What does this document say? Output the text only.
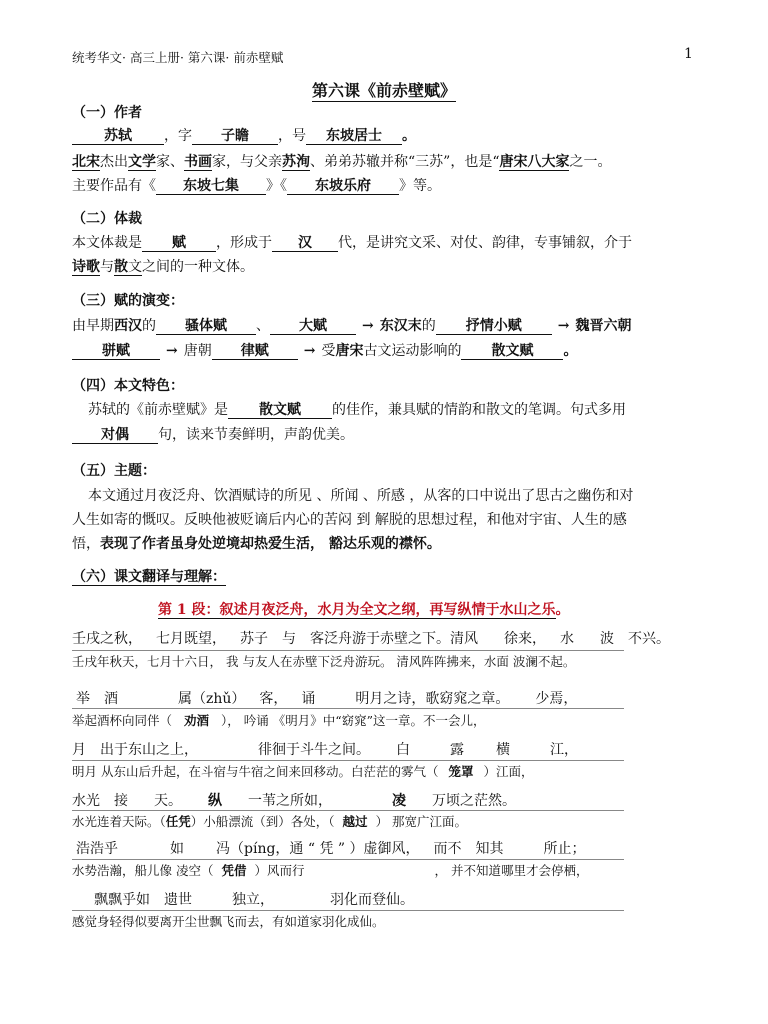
统考华文· 高三上册· 第六课· 前赤壁赋	1
第六课《前赤壁赋》
（一）作者
苏轼 ，字 子瞻 ，号 东坡居士 。
北宋杰出文学家、书画家，与父亲苏洵、弟弟苏辙并称“三苏”，也是“唐宋八大家之一。
主要作品有《 东坡七集 》《 东坡乐府 》等。
（二）体裁
本文体裁是 赋 ，形成于 汉 代，是讲究文采、对仗、韵律，专事铺叙，介于
诗歌与散文之间的一种文体。
（三）赋的演变：
由早期西汉的 骚体赋 、 大赋	→ 东汉末的 抒情小赋	→ 魏晋六朝
骈赋	→ 唐朝 律赋	→ 受唐宋古文运动影响的 散文赋 。
（四）本文特色：
苏轼的《前赤壁赋》是 散文赋 的佳作，兼具赋的情韵和散文的笔调。句式多用
对偶 句，读来节奏鲜明，声韵优美。
（五）主题：
本文通过月夜泛舟、饮酒赋诗的所见 、所闻 、所感 ，从客的口中说出了思古之幽伤和对
人生如寄的慨叹。反映他被贬谪后内心的苦闷 到 解脱的思想过程，和他对宇宙、人生的感
悟，表现了作者虽身处逆境却热爱生活， 豁达乐观的襟怀。
（六）课文翻译与理解：
第 1 段：叙述月夜泛舟，水月为全文之纲，再写纵情于水山之乐。
壬戌之秋， 七月既望， 苏子 与 客泛舟游于赤壁之下。清风 徐来， 水 波 不兴。
壬戌年秋天，七月十六日， 我 与友人在赤壁下泛舟游玩。 清风阵阵拂来，水面 波澜不起。
举 酒	属（zhǔ） 客， 诵	明月之诗，歌窈窕之章。 少焉，
举起酒杯向同伴（ 劝酒 ）， 吟诵 《明月》中“窈窕”这一章。不一会儿，
月 出于东山之上，	徘徊于斗牛之间。 白	露 横	江，
明月 从东山后升起，在斗宿与牛宿之间来回移动。白茫茫的雾气（ 笼罩 ）江面，
水光 接 天。 纵 一苇之所如，	凌 万顷之茫然。
水光连着天际。（任凭）小船漂流（到）各处，（ 越过 ） 那宽广江面。
浩浩乎	如 冯（píng，通 “ 凭 ” ）虚御风， 而不 知其	所止；
水势浩瀚，船儿像 凌空（ 凭借 ）风而行	， 并不知道哪里才会停栖，
飘飘乎如 遗世	独立，	羽化而登仙。
感觉身轻得似要离开尘世飘飞而去，有如道家羽化成仙。
